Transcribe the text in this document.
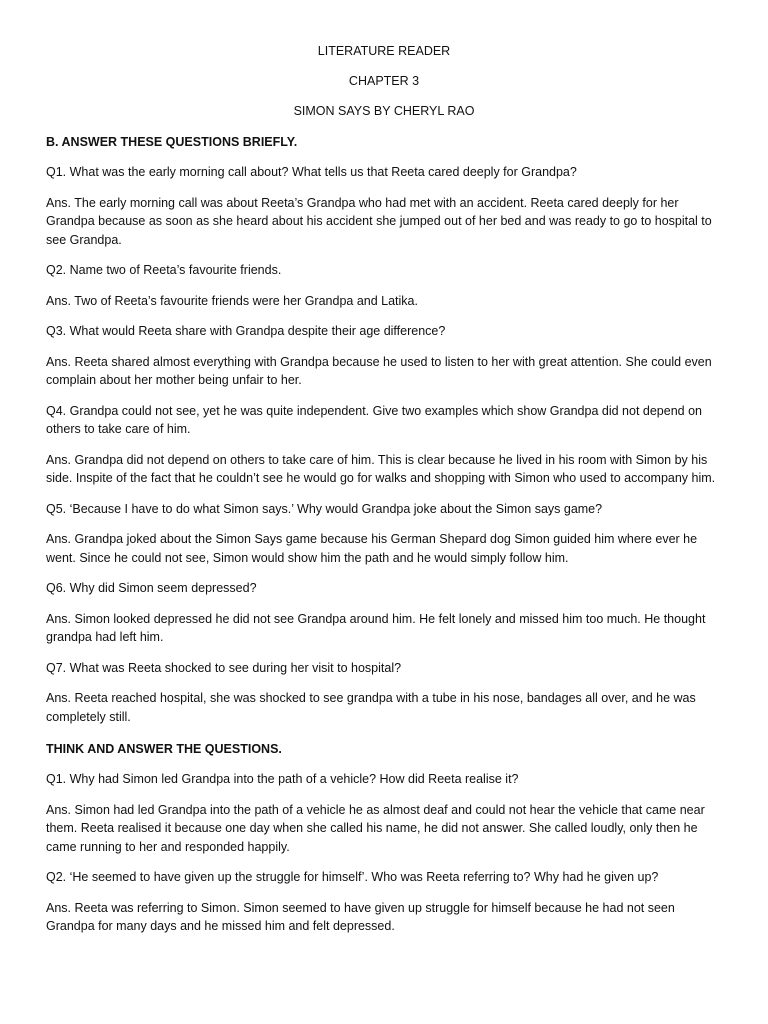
LITERATURE READER

CHAPTER 3

SIMON SAYS BY CHERYL RAO

B. ANSWER THESE QUESTIONS BRIEFLY.

Q1. What was the early morning call about? What tells us that Reeta cared deeply for Grandpa?

Ans. The early morning call was about Reeta’s Grandpa who had met with an accident. Reeta cared deeply for her Grandpa because as soon as she heard about his accident she jumped out of her bed and was ready to go to hospital to see Grandpa.

Q2. Name two of Reeta’s favourite friends.

Ans. Two of Reeta’s favourite friends were her Grandpa and Latika.

Q3. What would Reeta share with Grandpa despite their age difference?

Ans. Reeta shared almost everything with Grandpa because he used to listen to her with great attention. She could even complain about her mother being unfair to her.

Q4. Grandpa could not see, yet he was quite independent. Give two examples which show Grandpa did not depend on others to take care of him.

Ans. Grandpa did not depend on others to take care of him. This is clear because he lived in his room with Simon by his side. Inspite of the fact that he couldn’t see he would go for walks and shopping with Simon who used to accompany him.

Q5. ‘Because I have to do what Simon says.’ Why would Grandpa joke about the Simon says game?

Ans. Grandpa joked about the Simon Says game because his German Shepard dog Simon guided him where ever he went. Since he could not see, Simon would show him the path and he would simply follow him.

Q6. Why did Simon seem depressed?

Ans. Simon looked depressed he did not see Grandpa around him. He felt lonely and missed him too much. He thought grandpa had left him.

Q7. What was Reeta shocked to see during her visit to hospital?

Ans. Reeta reached hospital, she was shocked to see grandpa with a tube in his nose, bandages all over, and he was completely still.

THINK AND ANSWER THE QUESTIONS.

Q1. Why had Simon led Grandpa into the path of a vehicle? How did Reeta realise it?

Ans. Simon had led Grandpa into the path of a vehicle he as almost deaf and could not hear the vehicle that came near them. Reeta realised it because one day when she called his name, he did not answer. She called loudly, only then he came running to her and responded happily.

Q2. ‘He seemed to have given up the struggle for himself’. Who was Reeta referring to? Why had he given up?

Ans. Reeta was referring to Simon. Simon seemed to have given up struggle for himself because he had not seen Grandpa for many days and he missed him and felt depressed.
